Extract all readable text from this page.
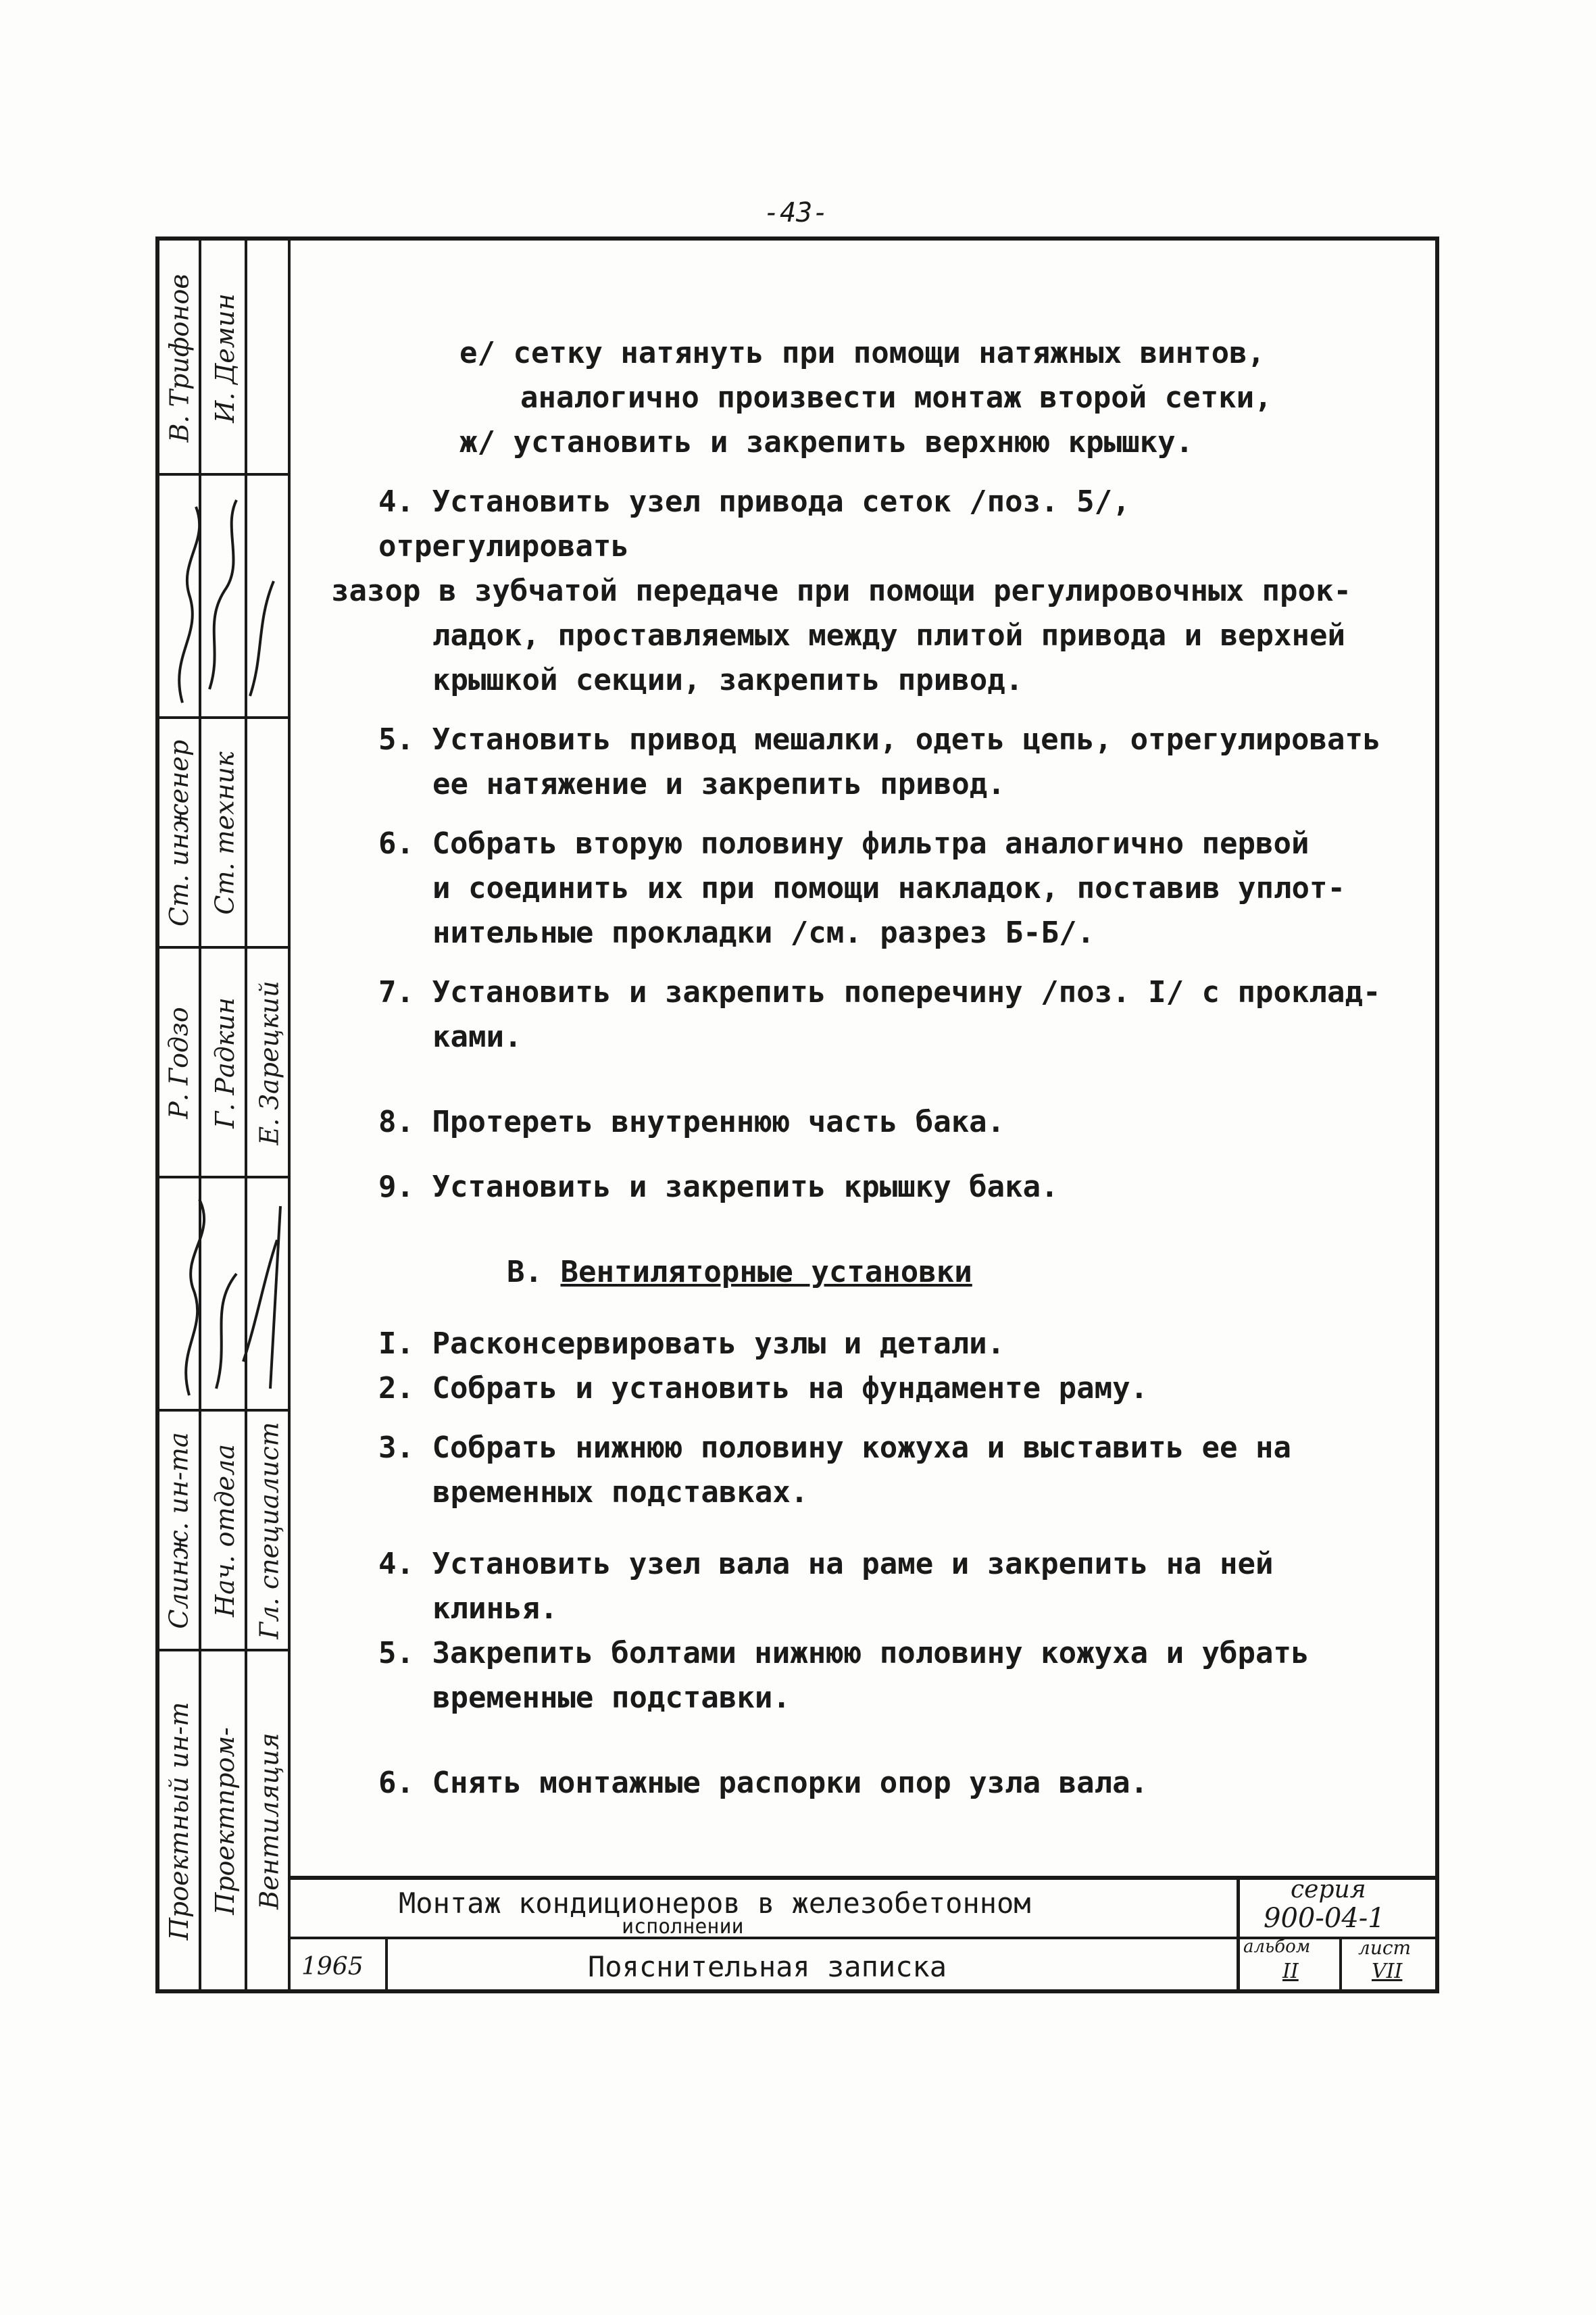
-43-
В. Трифонов И. Демин
Ст. инженер Ст. техник
Р. Годзо Г. Радкин Е. Зарецкий
Слинж. ин-та Нач. отдела Гл. специалист
Проектный ин-т Проектпром- Вентиляция

е/ сетку натянуть при помощи натяжных винтов,

аналогично произвести монтаж второй сетки,

ж/ установить и закрепить верхнюю крышку.

4. Установить узел привода сеток /поз. 5/, отрегулировать

зазор в зубчатой передаче при помощи регулировочных прок-

ладок, проставляемых между плитой привода и верхней

крышкой секции, закрепить привод.

5. Установить привод мешалки, одеть цепь, отрегулировать

ее натяжение и закрепить привод.

6. Собрать вторую половину фильтра аналогично первой

и соединить их при помощи накладок, поставив уплот-

нительные прокладки /см. разрез Б-Б/.

7. Установить и закрепить поперечину /поз. I/ с проклад-

ками.

8. Протереть внутреннюю часть бака.

9. Установить и закрепить крышку бака.

В. Вентиляторные установки

I. Расконсервировать узлы и детали.

2. Собрать и установить на фундаменте раму.

3. Собрать нижнюю половину кожуха и выставить ее на

временных подставках.

4. Установить узел вала на раме и закрепить на ней

клинья.

5. Закрепить болтами нижнюю половину кожуха и убрать

временные подставки.

6. Снять монтажные распорки опор узла вала.

Монтаж кондиционеров в железобетонном
исполнении
Пояснительная записка
1965
серия
900-04-1
альбом
II
лист
VII
